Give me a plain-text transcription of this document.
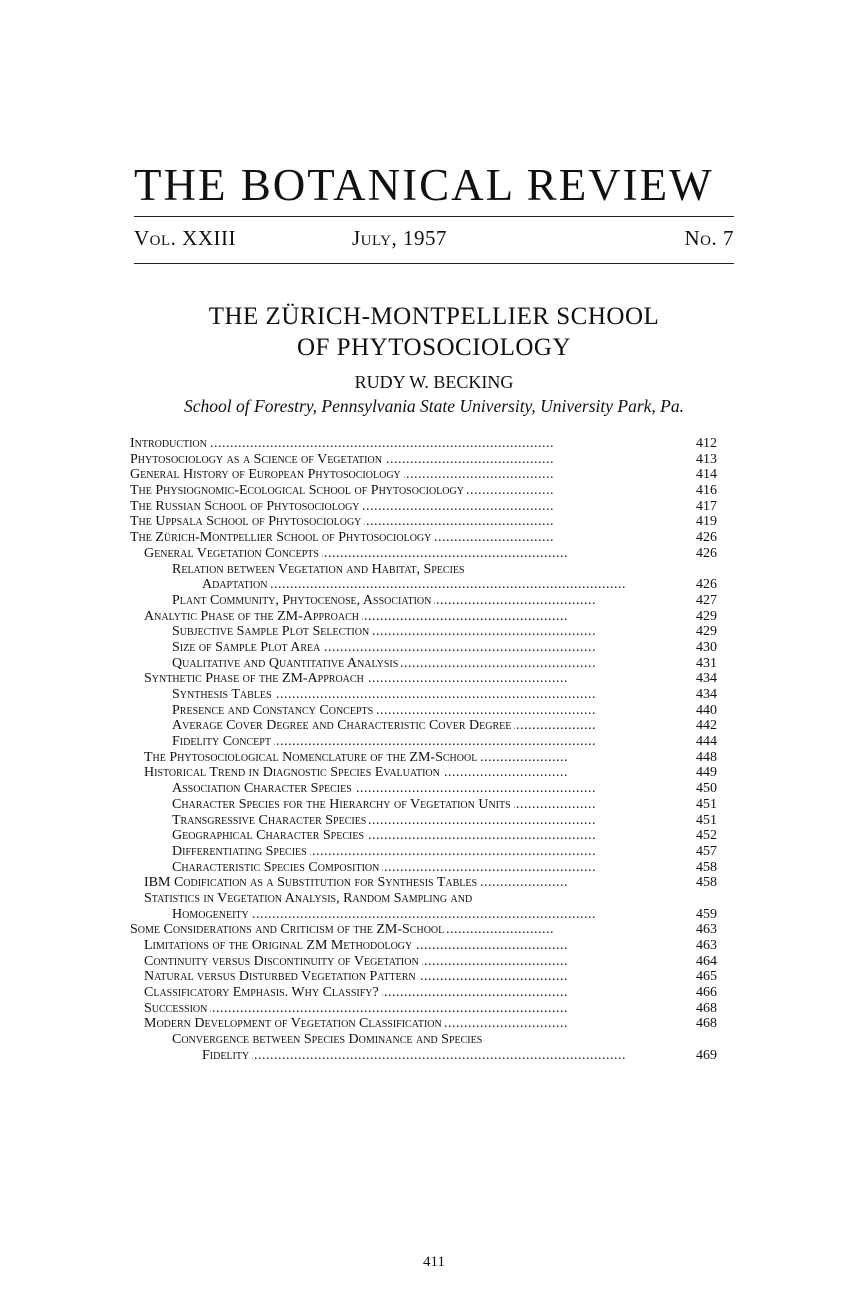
THE BOTANICAL REVIEW
Vol. XXIII	July, 1957	No. 7
THE ZÜRICH-MONTPELLIER SCHOOL
OF PHYTOSOCIOLOGY
RUDY W. BECKING
School of Forestry, Pennsylvania State University, University Park, Pa.
Introduction . . .	412
Phytosociology as a Science of Vegetation . . .	413
General History of European Phytosociology . . .	414
The Physiognomic-Ecological School of Phytosociology . . .	416
The Russian School of Phytosociology . . .	417
The Uppsala School of Phytosociology . . .	419
The Zürich-Montpellier School of Phytosociology . . .	426
General Vegetation Concepts . . .	426
Relation between Vegetation and Habitat, Species
Adaptation . . .	426
Plant Community, Phytocenose, Association . . .	427
Analytic Phase of the ZM-Approach . . .	429
Subjective Sample Plot Selection . . .	429
Size of Sample Plot Area . . .	430
Qualitative and Quantitative Analysis . . .	431
Synthetic Phase of the ZM-Approach . . .	434
Synthesis Tables . . .	434
Presence and Constancy Concepts . . .	440
Average Cover Degree and Characteristic Cover Degree . . .	442
Fidelity Concept . . .	444
The Phytosociological Nomenclature of the ZM-School . . .	448
Historical Trend in Diagnostic Species Evaluation . . .	449
Association Character Species . . .	450
Character Species for the Hierarchy of Vegetation Units . . .	451
Transgressive Character Species . . .	451
Geographical Character Species . . .	452
Differentiating Species . . .	457
Characteristic Species Composition . . .	458
IBM Codification as a Substitution for Synthesis Tables . . .	458
Statistics in Vegetation Analysis, Random Sampling and
Homogeneity . . .	459
Some Considerations and Criticism of the ZM-School . . .	463
Limitations of the Original ZM Methodology . . .	463
Continuity versus Discontinuity of Vegetation . . .	464
Natural versus Disturbed Vegetation Pattern . . .	465
Classificatory Emphasis. Why Classify? . . .	466
Succession . . .	468
Modern Development of Vegetation Classification . . .	468
Convergence between Species Dominance and Species
Fidelity . . .	469
411
